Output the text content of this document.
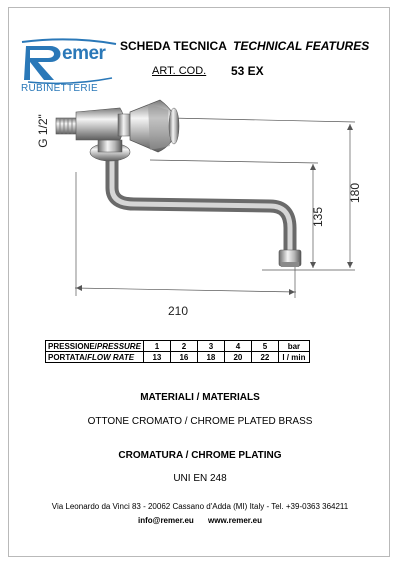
emer
RUBINETTERIE
SCHEDA TECNICA TECHNICAL FEATURES
ART. COD. 53 EX
G 1/2"
210
135
180
PRESSIONE/PRESSURE	1	2	3	4	5	bar
PORTATA/FLOW RATE	13	16	18	20	22	l / min
MATERIALI / MATERIALS
OTTONE CROMATO / CHROME PLATED BRASS
CROMATURA / CHROME PLATING
UNI EN 248
Via Leonardo da Vinci 83 - 20062 Cassano d'Adda (MI) Italy - Tel. +39-0363 364211
info@remer.eu www.remer.eu
